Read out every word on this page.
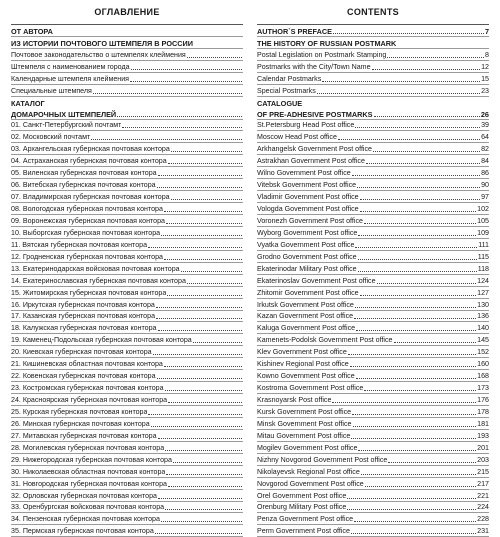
ОГЛАВЛЕНИЕ
ОТ АВТОРА
ИЗ ИСТОРИИ ПОЧТОВОГО ШТЕМПЕЛЯ В РОССИИ
Почтовое законодательство о штемпелях клеймения
Штемпеля с наименованием города
Календарные штемпеля клеймения
Специальные штемпеля
КАТАЛОГ
ДОМАРОЧНЫХ ШТЕМПЕЛЕЙ
01. Санкт-Петербургский почтамт
02. Московский почтамт
03. Архангельская губернская почтовая контора
04. Астраханская губернская почтовая контора
05. Виленская губернская почтовая контора
06. Витебская губернская почтовая контора
07. Владимирская губернская почтовая контора
08. Вологодская губернская почтовая контора
09. Воронежская губернская почтовая контора
10. Выборгская губернская почтовая контора
11. Вятская губернская почтовая контора
12. Гродненская губернская почтовая контора
13. Екатеринодарская войсковая почтовая контора
14. Екатеринославская губернская почтовая контора
15. Житомирская губернская почтовая контора
16. Иркутская губернская почтовая контора
17. Казанская губернская почтовая контора
18. Калужская губернская почтовая контора
19. Каменец-Подольская губернская почтовая контора
20. Киевская губернская почтовая контора
21. Кишиневская областная почтовая контора
22. Ковенская губернская почтовая контора
23. Костромская губернская почтовая контора
24. Красноярская губернская почтовая контора
25. Курская губернская почтовая контора
26. Минская губернская почтовая контора
27. Митавская губернская почтовая контора
28. Могилевская губернская почтовая контора
29. Нижегородская губернская почтовая контора
30. Николаевская областная почтовая контора
31. Новгородская губернская почтовая контора
32. Орловская губернская почтовая контора
33. Оренбургская войсковая почтовая контора
34. Пензенская губернская почтовая контора
35. Пермская губернская почтовая контора
CONTENTS
AUTHOR`S PREFACE	7
THE HISTORY OF RUSSIAN POSTMARK
Postal Legislation on Postmark Stamping	8
Postmarks with the City/Town Name	12
Calendar Postmarks	15
Special Postmarks	23
CATALOGUE
OF PRE-ADHESIVE POSTMARKS	26
St.Petersburg Head Post office	39
Moscow Head Post office	64
Arkhangelsk Government Post office	82
Astrakhan Government Post office	84
Wilno Government Post office	86
Vitebsk Government Post office	90
Vladimir Government Post office	97
Vologda Government Post office	102
Voronezh Government Post office	105
Wyborg Government Post office	109
Vyatka Government Post office	111
Grodno Government Post office	115
Ekaterinodar Military Post office	118
Ekaterinoslav Government Post office	124
Zhitomir Government Post office	127
Irkutsk Government Post office	130
Kazan Government Post office	136
Kaluga Government Post office	140
Kamenets-Podolsk Government Post office	145
Klev Government Post office	152
Kishinev Regional Post office	160
Kowno Government Post office	168
Kostroma Government Post office	173
Krasnoyarsk Post office	176
Kursk Government Post office	178
Minsk Government Post office	181
Mitau Government Post office	193
Mogilev Government Post office	201
Nizhny Novgorod Government Post office	203
Nikolayevsk Regional Post office	215
Novgorod Government Post office	217
Orel Government Post office	221
Orenburg Military Post office	224
Penza Government Post office	228
Perm Government Post office	231
